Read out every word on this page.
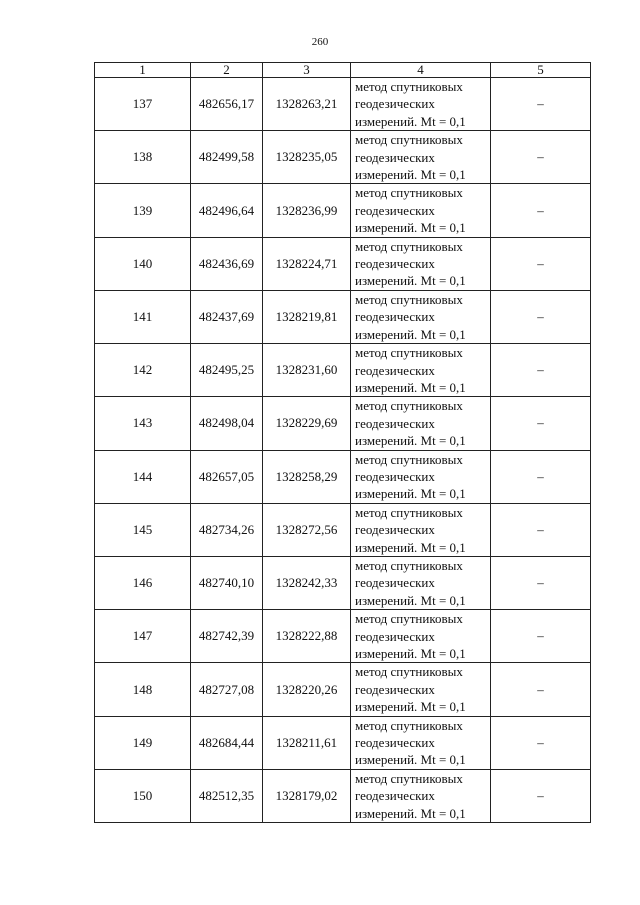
260
1	2	3	4	5
137	482656,17	1328263,21	метод спутниковых
геодезических
измерений. Mt = 0,1	–
138	482499,58	1328235,05	метод спутниковых
геодезических
измерений. Mt = 0,1	–
139	482496,64	1328236,99	метод спутниковых
геодезических
измерений. Mt = 0,1	–
140	482436,69	1328224,71	метод спутниковых
геодезических
измерений. Mt = 0,1	–
141	482437,69	1328219,81	метод спутниковых
геодезических
измерений. Mt = 0,1	–
142	482495,25	1328231,60	метод спутниковых
геодезических
измерений. Mt = 0,1	–
143	482498,04	1328229,69	метод спутниковых
геодезических
измерений. Mt = 0,1	–
144	482657,05	1328258,29	метод спутниковых
геодезических
измерений. Mt = 0,1	–
145	482734,26	1328272,56	метод спутниковых
геодезических
измерений. Mt = 0,1	–
146	482740,10	1328242,33	метод спутниковых
геодезических
измерений. Mt = 0,1	–
147	482742,39	1328222,88	метод спутниковых
геодезических
измерений. Mt = 0,1	–
148	482727,08	1328220,26	метод спутниковых
геодезических
измерений. Mt = 0,1	–
149	482684,44	1328211,61	метод спутниковых
геодезических
измерений. Mt = 0,1	–
150	482512,35	1328179,02	метод спутниковых
геодезических
измерений. Mt = 0,1	–
